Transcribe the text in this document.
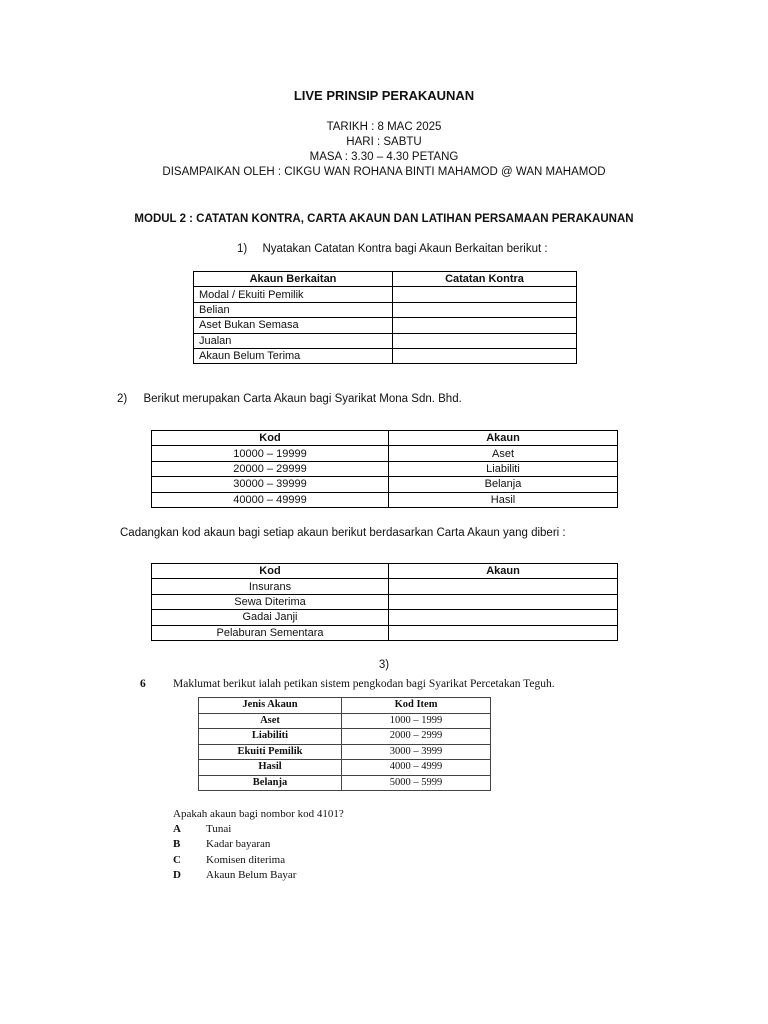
LIVE PRINSIP PERAKAUNAN
TARIKH : 8 MAC 2025
HARI : SABTU
MASA : 3.30 – 4.30 PETANG
DISAMPAIKAN OLEH : CIKGU WAN ROHANA BINTI MAHAMOD @ WAN MAHAMOD
MODUL 2 : CATATAN KONTRA, CARTA AKAUN DAN LATIHAN PERSAMAAN PERAKAUNAN
1) Nyatakan Catatan Kontra bagi Akaun Berkaitan berikut :
Akaun Berkaitan	Catatan Kontra
Modal / Ekuiti Pemilik	
Belian	
Aset Bukan Semasa	
Jualan	
Akaun Belum Terima	
2) Berikut merupakan Carta Akaun bagi Syarikat Mona Sdn. Bhd.
Kod	Akaun
10000 – 19999	Aset
20000 – 29999	Liabiliti
30000 – 39999	Belanja
40000 – 49999	Hasil
Cadangkan kod akaun bagi setiap akaun berikut berdasarkan Carta Akaun yang diberi :
Kod	Akaun
Insurans	
Sewa Diterima	
Gadai Janji	
Pelaburan Sementara	
3)
6 Maklumat berikut ialah petikan sistem pengkodan bagi Syarikat Percetakan Teguh.
Jenis Akaun	Kod Item
Aset	1000 – 1999
Liabiliti	2000 – 2999
Ekuiti Pemilik	3000 – 3999
Hasil	4000 – 4999
Belanja	5000 – 5999
Apakah akaun bagi nombor kod 4101?
A Tunai
B Kadar bayaran
C Komisen diterima
D Akaun Belum Bayar
